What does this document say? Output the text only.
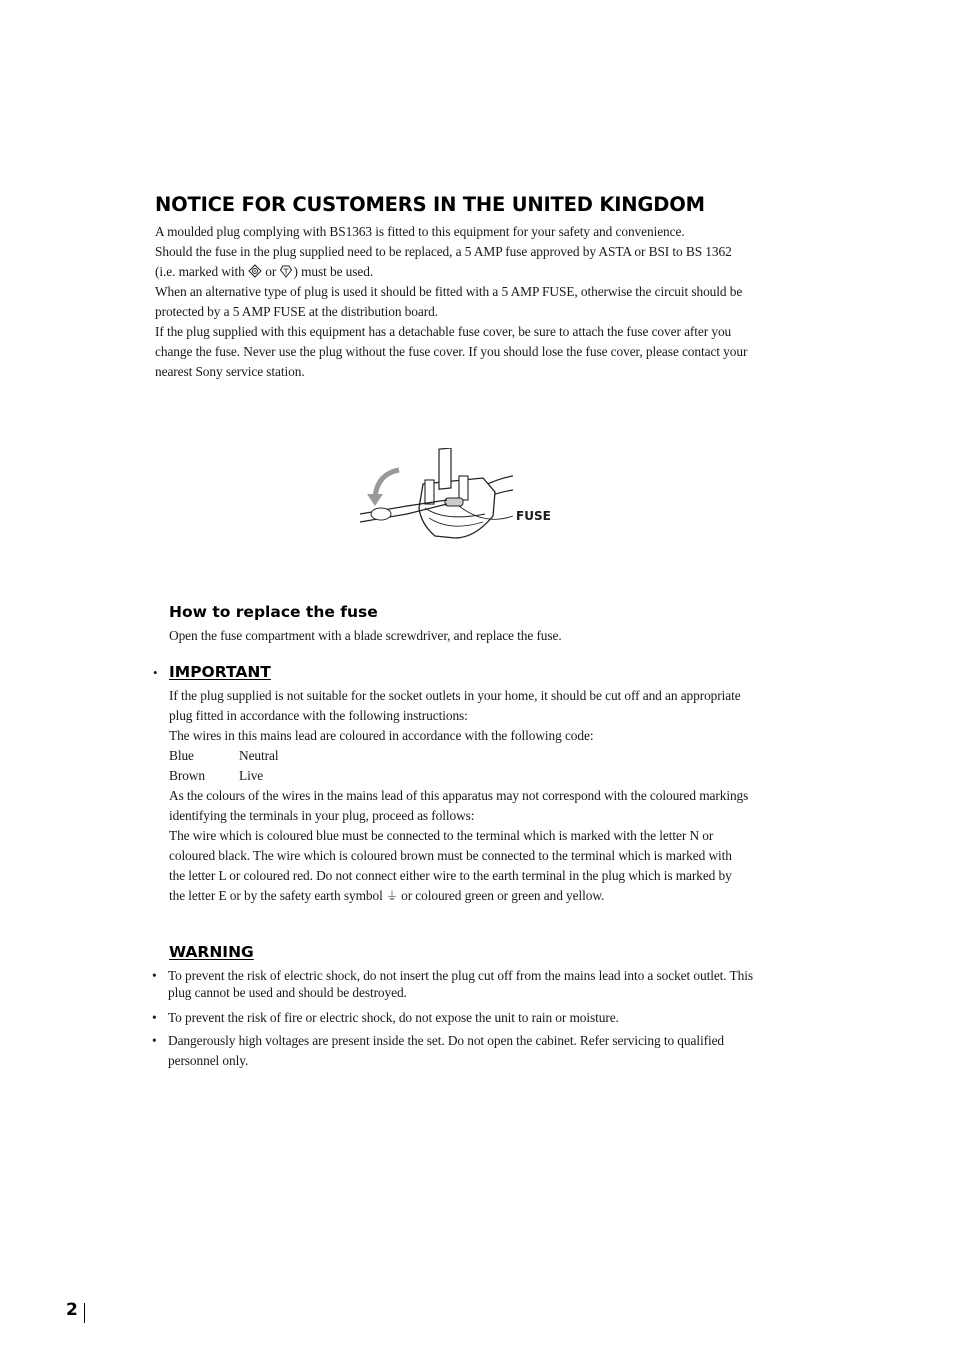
NOTICE FOR CUSTOMERS IN THE UNITED KINGDOM

A moulded plug complying with BS1363 is fitted to this equipment for your safety and convenience.

Should the fuse in the plug supplied need to be replaced, a 5 AMP fuse approved by ASTA or BSI to BS 1362 (i.e. marked with  or ) must be used.

When an alternative type of plug is used it should be fitted with a 5 AMP FUSE, otherwise the circuit should be protected by a 5 AMP FUSE at the distribution board.

If the plug supplied with this equipment has a detachable fuse cover, be sure to attach the fuse cover after you change the fuse. Never use the plug without the fuse cover. If you should lose the fuse cover, please contact your nearest Sony service station.

FUSE
How to replace the fuse

Open the fuse compartment with a blade screwdriver, and replace the fuse.

• IMPORTANT

If the plug supplied is not suitable for the socket outlets in your home, it should be cut off and an appropriate plug fitted in accordance with the following instructions:

The wires in this mains lead are coloured in accordance with the following code:

Blue	Neutral
Brown	Live

As the colours of the wires in the mains lead of this apparatus may not correspond with the coloured markings identifying the terminals in your plug, proceed as follows:

The wire which is coloured blue must be connected to the terminal which is marked with the letter N or coloured black. The wire which is coloured brown must be connected to the terminal which is marked with the letter L or coloured red. Do not connect either wire to the earth terminal in the plug which is marked by the letter E or by the safety earth symbol ⏚ or coloured green or green and yellow.

WARNING
• To prevent the risk of electric shock, do not insert the plug cut off from the mains lead into a socket outlet. This plug cannot be used and should be destroyed.
• To prevent the risk of fire or electric shock, do not expose the unit to rain or moisture.
• Dangerously high voltages are present inside the set. Do not open the cabinet. Refer servicing to qualified personnel only.
2
